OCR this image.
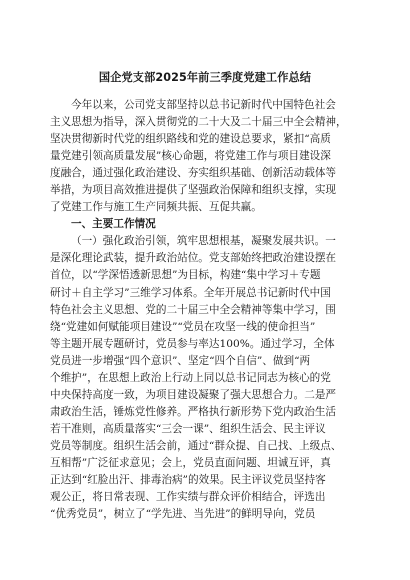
国企党支部2025年前三季度党建工作总结
今年以来，公司党支部坚持以总书记新时代中国特色社会
主义思想为指导，深入贯彻党的二十大及二十届三中全会精神，
坚决贯彻新时代党的组织路线和党的建设总要求，紧扣“高质
量党建引领高质量发展”核心命题，将党建工作与项目建设深
度融合，通过强化政治建设、夯实组织基础、创新活动载体等
举措，为项目高效推进提供了坚强政治保障和组织支撑，实现
了党建工作与施工生产同频共振、互促共赢。
一、主要工作情况
（一）强化政治引领，筑牢思想根基，凝聚发展共识。一
是深化理论武装，提升政治站位。党支部始终把政治建设摆在
首位，以“学深悟透新思想”为目标，构建“集中学习＋专题
研讨＋自主学习”三维学习体系。全年开展总书记新时代中国
特色社会主义思想、党的二十届三中全会精神等集中学习，围
绕“党建如何赋能项目建设”“党员在攻坚一线的使命担当”
等主题开展专题研讨，党员参与率达100%。通过学习，全体
党员进一步增强“四个意识”、坚定“四个自信”、做到“两
个维护”，在思想上政治上行动上同以总书记同志为核心的党
中央保持高度一致，为项目建设凝聚了强大思想合力。二是严
肃政治生活，锤炼党性修养。严格执行新形势下党内政治生活
若干准则，高质量落实“三会一课”、组织生活会、民主评议
党员等制度。组织生活会前，通过“群众提、自己找、上级点、
互相帮”广泛征求意见；会上，党员直面问题、坦诚互评，真
正达到“红脸出汗、排毒治病”的效果。民主评议党员坚持客
观公正，将日常表现、工作实绩与群众评价相结合，评选出
“优秀党员”，树立了“学先进、当先进”的鲜明导向，党员
